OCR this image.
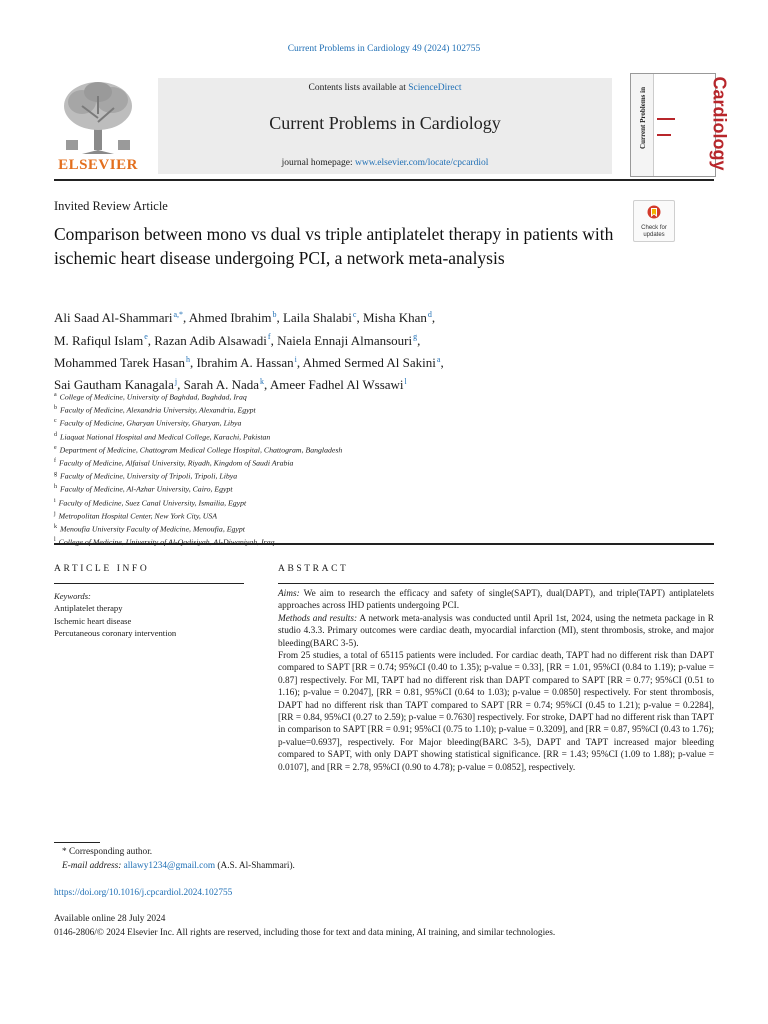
Current Problems in Cardiology 49 (2024) 102755
ELSEVIER
Contents lists available at ScienceDirect
Current Problems in Cardiology
journal homepage: www.elsevier.com/locate/cpcardiol
Current Problems in	Cardiology
Invited Review Article
Check for updates
Comparison between mono vs dual vs triple antiplatelet therapy in patients with ischemic heart disease undergoing PCI, a network meta-analysis
Ali Saad Al-Shammari$^{a,*}$, Ahmed Ibrahim$^b$, Laila Shalabi$^c$, Misha Khan$^d$,
M. Rafiqul Islam$^e$, Razan Adib Alsawadi$^f$, Naiela Ennaji Almansouri$^g$,
Mohammed Tarek Hasan$^h$, Ibrahim A. Hassan$^i$, Ahmed Sermed Al Sakini$^a$,
Sai Gautham Kanagala$^j$, Sarah A. Nada$^k$, Ameer Fadhel Al Wssawi$^l$
$^a$ College of Medicine, University of Baghdad, Baghdad, Iraq
$^b$ Faculty of Medicine, Alexandria University, Alexandria, Egypt
$^c$ Faculty of Medicine, Gharyan University, Gharyan, Libya
$^d$ Liaquat National Hospital and Medical College, Karachi, Pakistan
$^e$ Department of Medicine, Chattogram Medical College Hospital, Chattogram, Bangladesh
$^f$ Faculty of Medicine, Alfaisal University, Riyadh, Kingdom of Saudi Arabia
$^g$ Faculty of Medicine, University of Tripoli, Tripoli, Libya
$^h$ Faculty of Medicine, Al-Azhar University, Cairo, Egypt
$^i$ Faculty of Medicine, Suez Canal University, Ismailia, Egypt
$^j$ Metropolitan Hospital Center, New York City, USA
$^k$ Menoufia University Faculty of Medicine, Menoufia, Egypt
$^l$
ARTICLE INFO
Keywords:
Antiplatelet therapy
Ischemic heart disease
Percutaneous coronary intervention
ABSTRACT

Aims: We aim to research the efficacy and safety of single(SAPT), dual(DAPT), and triple(TAPT) antiplatelets approaches across IHD patients undergoing PCI.

Methods and results: A network meta-analysis was conducted until April 1st, 2024, using the netmeta package in R studio 4.3.3. Primary outcomes were cardiac death, myocardial infarction (MI), stent thrombosis, stroke, and major bleeding(BARC 3-5).

From 25 studies, a total of 65115 patients were included. For cardiac death, TAPT had no different risk than DAPT compared to SAPT [RR = 0.74; 95%CI (0.40 to 1.35); p-value = 0.33], [RR = 1.01, 95%CI (0.84 to 1.19); p-value = 0.87] respectively. For MI, TAPT had no different risk than DAPT compared to SAPT [RR = 0.77; 95%CI (0.51 to 1.16); p-value = 0.2047], [RR = 0.81, 95%CI (0.64 to 1.03); p-value = 0.0850] respectively. For stent thrombosis, DAPT had no different risk than TAPT compared to SAPT [RR = 0.74; 95%CI (0.45 to 1.21); p-value = 0.2284], [RR = 0.84, 95%CI (0.27 to 2.59); p-value = 0.7630] respectively. For stroke, DAPT had no different risk than TAPT in comparison to SAPT [RR = 0.91; 95%CI (0.75 to 1.10); p-value = 0.3209], and [RR = 0.87, 95%CI (0.43 to 1.76); p-value=0.6937], respectively. For Major bleeding(BARC 3-5), DAPT and TAPT increased major bleeding compared to SAPT, with only DAPT showing statistical significance. [RR = 1.43; 95%CI (1.09 to 1.88); p-value = 0.0107], and [RR = 2.78, 95%CI (0.90 to 4.78); p-value = 0.0852], respectively.

* Corresponding author.
E-mail address: allawy1234@gmail.com (A.S. Al-Shammari).
https://doi.org/10.1016/j.cpcardiol.2024.102755
Available online 28 July 2024
0146-2806/© 2024 Elsevier Inc. All rights are reserved, including those for text and data mining, AI training, and similar technologies.
